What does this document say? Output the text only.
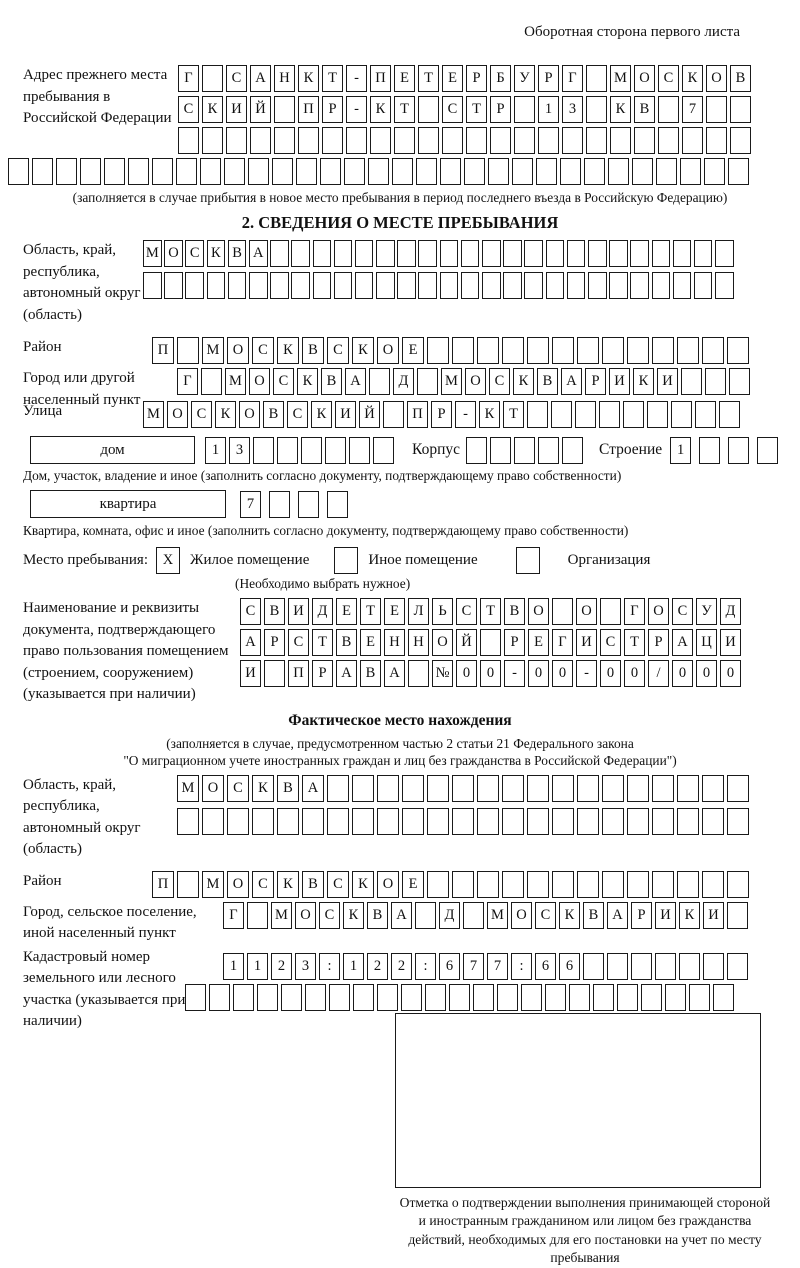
Оборотная сторона первого листа
Адрес прежнего места пребывания в Российской Федерации
Г	С А Н К	Т	-	П Е	Т	Е	Р	Б	У	Р	Г	М О С К О В
С К И Й	П	Р	-	К	Т	С	Т	Р	1	3	К В	7
(заполняется в случае прибытия в новое место пребывания в период последнего въезда в Российскую Федерацию)
2. СВЕДЕНИЯ О МЕСТЕ ПРЕБЫВАНИЯ
Область, край, республика, автономный округ (область)
М О С К В А
Район	П	М О	С	К	В	С	К	О	Е
Город или другой населенный пункт
Г	М О С К В А	Д	М О С К В А	Р	И К И
Улица	М О С К О В С К И Й	П	Р	-	К	Т
дом	1	3	Корпус	Строение	1
Дом, участок, владение и иное (заполнить согласно документу, подтверждающему право собственности)
квартира	7
Квартира, комната, офис и иное (заполнить согласно документу, подтверждающему право собственности)
Место пребывания:	X	Жилое помещение	Иное помещение	Организация
(Необходимо выбрать нужное)
Наименование и реквизиты документа, подтверждающего право пользования помещением (строением, сооружением) (указывается при наличии)
С В И Д	Е	Т	Е	Л	Ь	С	Т	В О	О	Г	О С У Д
А	Р	С	Т	В	Е Н Н О Й	Р	Е	Г	И С	Т	Р	А Ц И
И	П	Р	А В А	№ 0	0	-	0	0	-	0	0	/	0	0	0
Фактическое место нахождения
(заполняется в случае, предусмотренном частью 2 статьи 21 Федерального закона
"О миграционном учете иностранных граждан и лиц без гражданства в Российской Федерации")
Область, край, республика, автономный округ (область)
М О	С	К	В	А
Район	П	М О	С	К	В	С	К	О	Е
Город, сельское поселение, иной населенный пункт
Г	М О С К В А	Д	М О С К В А	Р	И К И
Кадастровый номер земельного или лесного участка (указывается при наличии)
1	1	2	3	:	1	2	2	:	6	7	7	:	6	6
Отметка о подтверждении выполнения принимающей стороной и иностранным гражданином или лицом без гражданства действий, необходимых для его постановки на учет по месту пребывания
